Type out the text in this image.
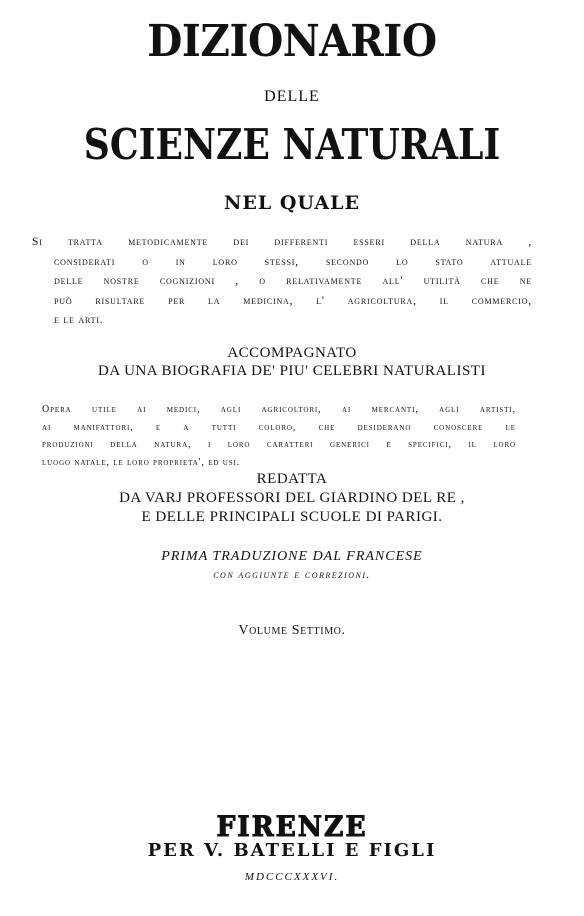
DIZIONARIO
DELLE
SCIENZE NATURALI
NEL QUALE
Si tratta metodicamente dei differenti esseri della natura ,
considerati o in loro stessi, secondo lo stato attuale
delle nostre cognizioni , o relativamente all' utilità che ne
può risultare per la medicina, l' agricoltura, il commercio,
e le arti.
ACCOMPAGNATO
DA UNA BIOGRAFIA DE' PIU' CELEBRI NATURALISTI
Opera utile ai medici, agli agricoltori, ai mercanti, agli artisti,
ai manifattori, e a tutti coloro, che desiderano conoscere le
produzioni della natura, i loro caratteri generici e specifici, il loro
luogo natale, le loro proprieta', ed usi.
REDATTA
DA VARJ PROFESSORI DEL GIARDINO DEL RE ,
E DELLE PRINCIPALI SCUOLE DI PARIGI.
PRIMA TRADUZIONE DAL FRANCESE
con aggiunte e correzioni.
Volume Settimo.
FIRENZE
PER V. BATELLI E FIGLI
MDCCCXXXVI.
